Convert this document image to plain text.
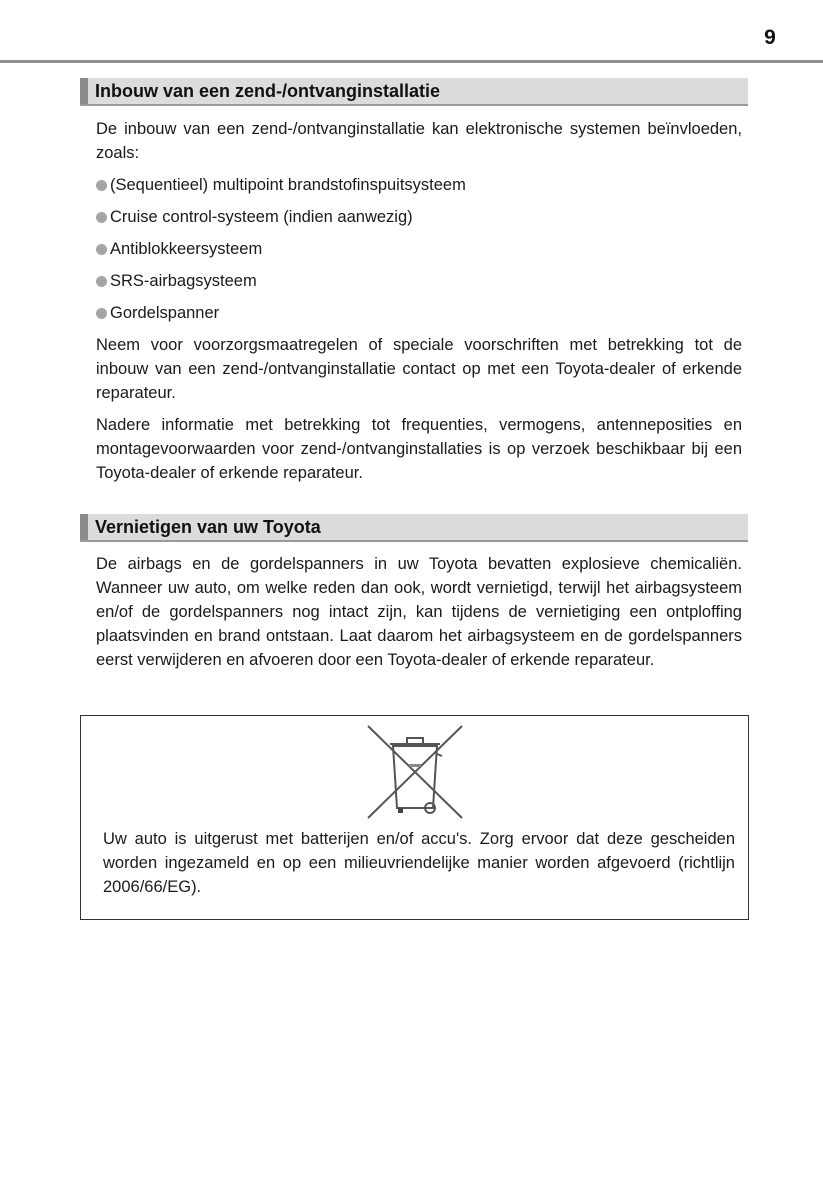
9
Inbouw van een zend-/ontvanginstallatie
De inbouw van een zend-/ontvanginstallatie kan elektronische systemen beïnvloeden, zoals:
(Sequentieel) multipoint brandstofinspuitsysteem
Cruise control-systeem (indien aanwezig)
Antiblokkeersysteem
SRS-airbagsysteem
Gordelspanner
Neem voor voorzorgsmaatregelen of speciale voorschriften met betrekking tot de inbouw van een zend-/ontvanginstallatie contact op met een Toyota-dealer of erkende reparateur.
Nadere informatie met betrekking tot frequenties, vermogens, antenneposities en montagevoorwaarden voor zend-/ontvanginstallaties is op verzoek beschikbaar bij een Toyota-dealer of erkende reparateur.
Vernietigen van uw Toyota
De airbags en de gordelspanners in uw Toyota bevatten explosieve chemicaliën. Wanneer uw auto, om welke reden dan ook, wordt vernietigd, terwijl het airbagsysteem en/of de gordelspanners nog intact zijn, kan tijdens de vernietiging een ontploffing plaatsvinden en brand ontstaan. Laat daarom het airbagsysteem en de gordelspanners eerst verwijderen en afvoeren door een Toyota-dealer of erkende reparateur.
Uw auto is uitgerust met batterijen en/of accu's. Zorg ervoor dat deze gescheiden worden ingezameld en op een milieuvriendelijke manier worden afgevoerd (richtlijn 2006/66/EG).
